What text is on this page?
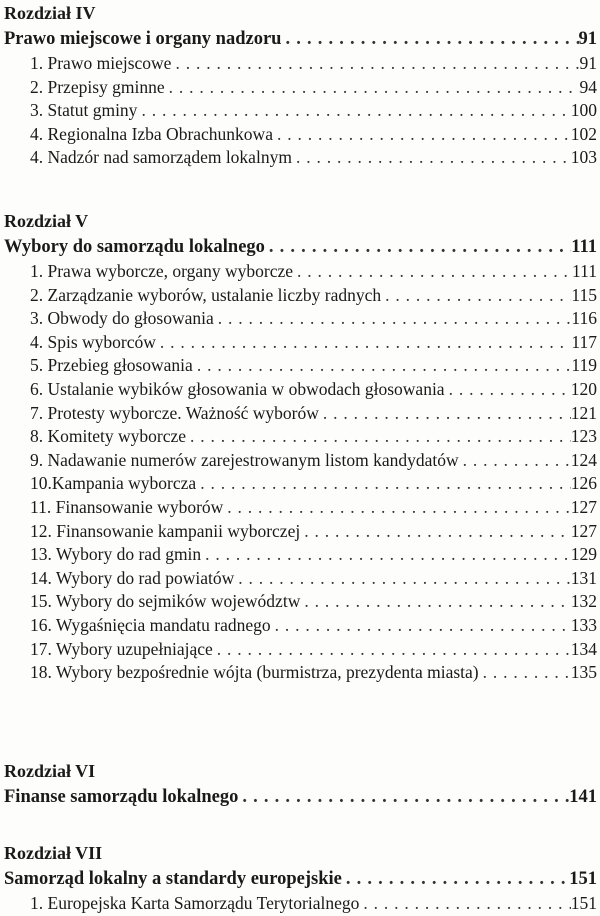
Rozdział IV
Prawo miejscowe i organy nadzoru . . .	91
1. Prawo miejscowe . . .	91
2. Przepisy gminne . . .	94
3. Statut gminy . . .	100
4. Regionalna Izba Obrachunkowa . . .	102
4. Nadzór nad samorządem lokalnym . . .	103
Rozdział V
Wybory do samorządu lokalnego . . .	111
1. Prawa wyborcze, organy wyborcze . . .	111
2. Zarządzanie wyborów, ustalanie liczby radnych . . .	115
3. Obwody do głosowania . . .	116
4. Spis wyborców . . .	117
5. Przebieg głosowania . . .	119
6. Ustalanie wybików głosowania w obwodach głosowania . . .	120
7. Protesty wyborcze. Ważność wyborów . . .	121
8. Komitety wyborcze . . .	123
9. Nadawanie numerów zarejestrowanym listom kandydatów . . .	124
10.Kampania wyborcza . . .	126
11. Finansowanie wyborów . . .	127
12. Finansowanie kampanii wyborczej . . .	127
13. Wybory do rad gmin . . .	129
14. Wybory do rad powiatów . . .	131
15. Wybory do sejmików województw . . .	132
16. Wygaśnięcia mandatu radnego . . .	133
17. Wybory uzupełniające . . .	134
18. Wybory bezpośrednie wójta (burmistrza, prezydenta miasta) . . .	135
Rozdział VI
Finanse samorządu lokalnego . . .	141
Rozdział VII
Samorząd lokalny a standardy europejskie . . .	151
1. Europejska Karta Samorządu Terytorialnego . . .	151
